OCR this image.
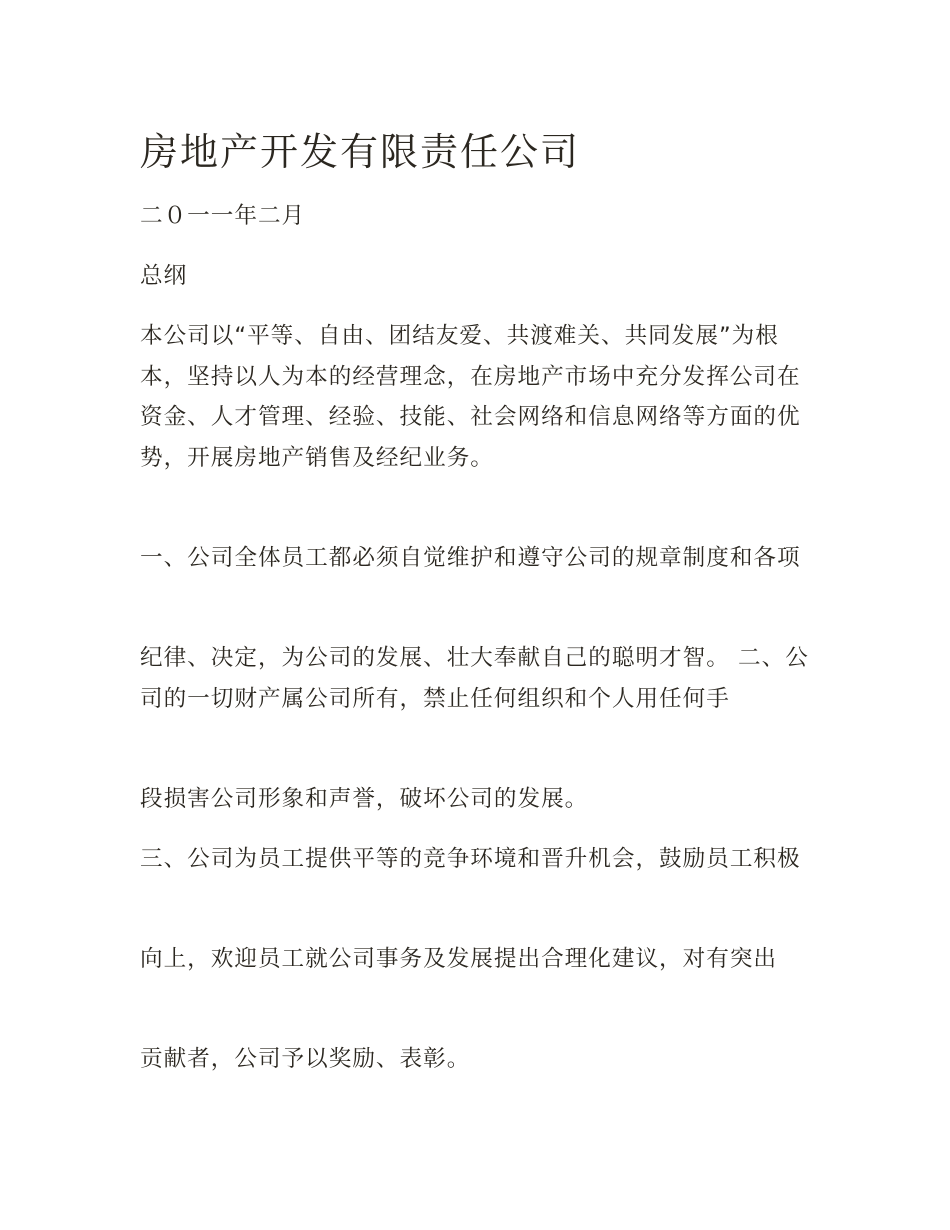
房地产开发有限责任公司

二０一一年二月

总纲

本公司以“平等、自由、团结友爱、共渡难关、共同发展”为根本，坚持以人为本的经营理念，在房地产市场中充分发挥公司在资金、人才管理、经验、技能、社会网络和信息网络等方面的优势，开展房地产销售及经纪业务。

一、公司全体员工都必须自觉维护和遵守公司的规章制度和各项

纪律、决定，为公司的发展、壮大奉献自己的聪明才智。 二、公司的一切财产属公司所有，禁止任何组织和个人用任何手

段损害公司形象和声誉，破坏公司的发展。

三、公司为员工提供平等的竞争环境和晋升机会，鼓励员工积极

向上，欢迎员工就公司事务及发展提出合理化建议，对有突出

贡献者，公司予以奖励、表彰。
